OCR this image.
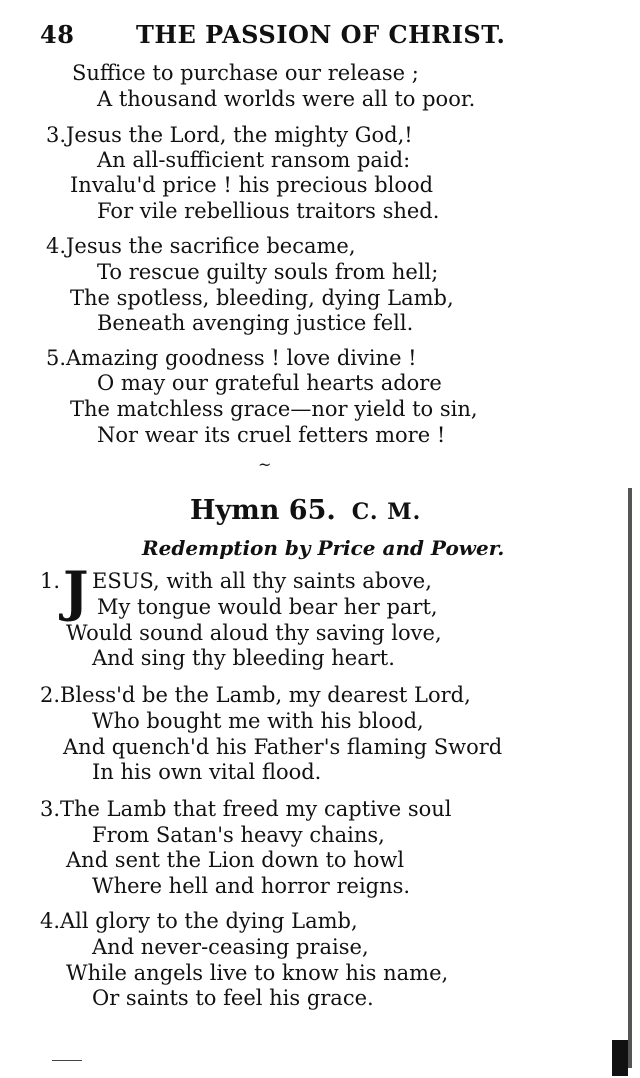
48	THE PASSION OF CHRIST.
Suffice to purchase our release ;
A thousand worlds were all to poor.
3.Jesus the Lord, the mighty God,!
An all-sufficient ransom paid:
Invalu'd price ! his precious blood
For vile rebellious traitors shed.
4.Jesus the sacrifice became,
To rescue guilty souls from hell;
The spotless, bleeding, dying Lamb,
Beneath avenging justice fell.
5.Amazing goodness ! love divine !
O may our grateful hearts adore
The matchless grace—nor yield to sin,
Nor wear its cruel fetters more !
~
Hymn 65. C. M.
Redemption by Price and Power.
1. J ESUS, with all thy saints above,
My tongue would bear her part,
Would sound aloud thy saving love,
And sing thy bleeding heart.
2.Bless'd be the Lamb, my dearest Lord,
Who bought me with his blood,
And quench'd his Father's flaming Sword
In his own vital flood.
3.The Lamb that freed my captive soul
From Satan's heavy chains,
And sent the Lion down to howl
Where hell and horror reigns.
4.All glory to the dying Lamb,
And never-ceasing praise,
While angels live to know his name,
Or saints to feel his grace.
